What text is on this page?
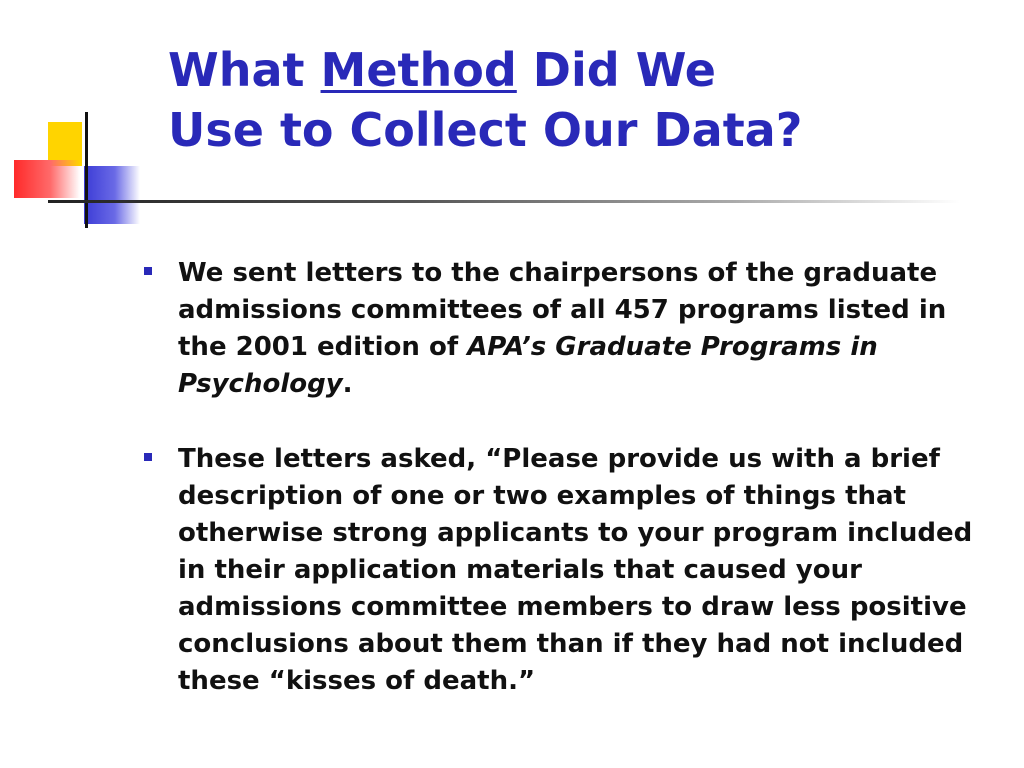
What Method Did We
Use to Collect Our Data?
We sent letters to the chairpersons of the graduate admissions committees of all 457 programs listed in the 2001 edition of APA’s Graduate Programs in Psychology.
These letters asked, “Please provide us with a brief description of one or two examples of things that otherwise strong applicants to your program included in their application materials that caused your admissions committee members to draw less positive conclusions about them than if they had not included these “kisses of death.”
